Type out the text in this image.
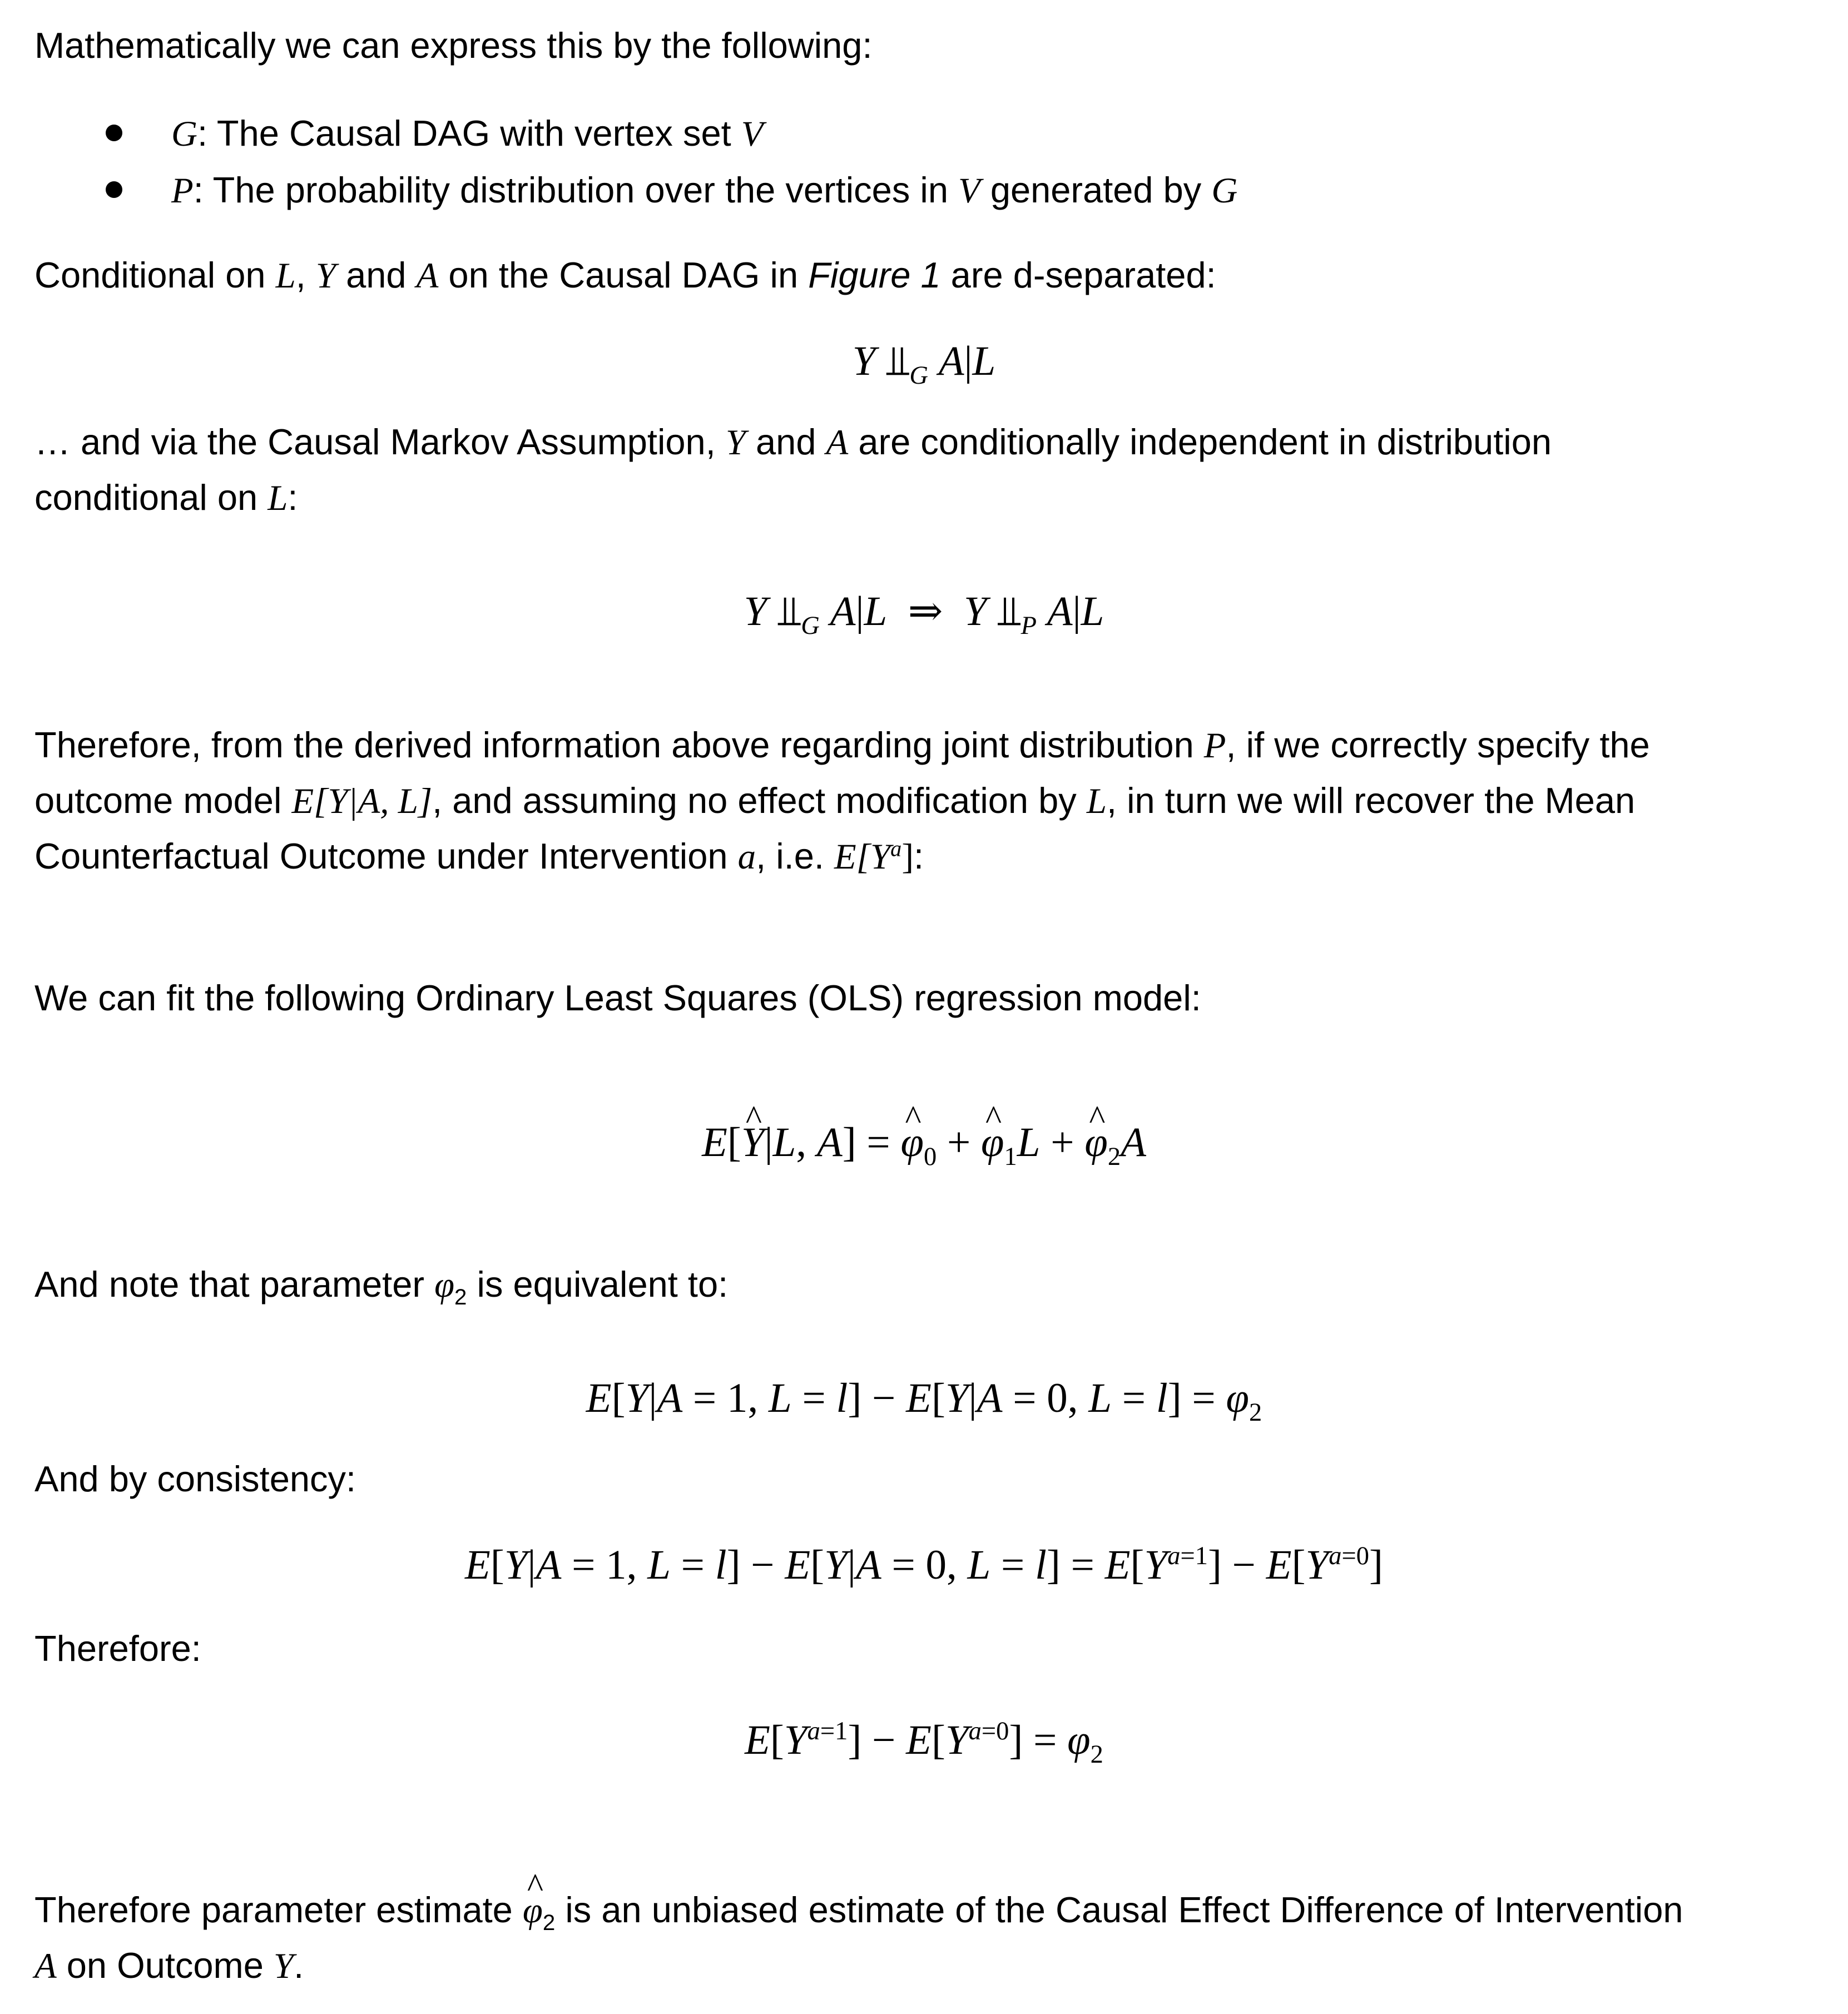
Mathematically we can express this by the following:

G: The Causal DAG with vertex set V
P: The probability distribution over the vertices in V generated by G

Conditional on L, Y and A on the Causal DAG in Figure 1 are d-separated:

Y $⫫_G$ A|L

… and via the Causal Markov Assumption, Y and A are conditionally independent in distribution

conditional on L:

Y $⫫_G$ A|L  ⇒  Y $⫫_P$ A|L

Therefore, from the derived information above regarding joint distribution P, if we correctly specify the

outcome model E[Y|A, L], and assuming no effect modification by L, in turn we will recover the Mean

Counterfactual Outcome under Intervention a, i.e. $E[Y^a]$:

We can fit the following Ordinary Least Squares (OLS) regression model:

E[^ Y|L, A] = ^ $\varphi_0$ + ^ $\varphi_1L$ + ^ $\varphi_2A$

And note that parameter $\varphi_2$ is equivalent to:

E[Y|A = 1, L = l] − E[Y|A = 0, $L = l] = \varphi_2$

And by consistency:

E[Y|A = 1, L = l] − E[Y|A = 0, $L = l] = E[Y^{a=1}] - E[Y^{a=0}]$

Therefore:

$E[Y^{a=1}] - E[Y^{a=0}] = \varphi_2$

Therefore parameter estimate ^ $\varphi_2$ is an unbiased estimate of the Causal Effect Difference of Intervention

A on Outcome Y.
